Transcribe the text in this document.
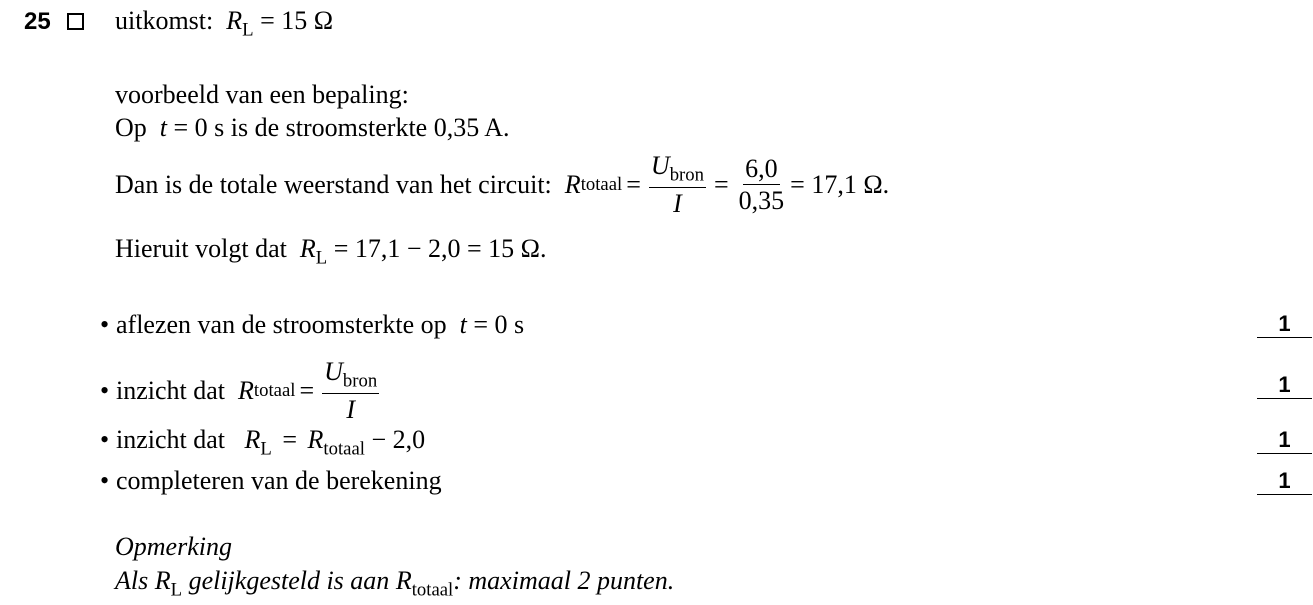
25 uitkomst: $R_L = 15$ Ω
voorbeeld van een bepaling:
Op t = 0 s is de stroomsterkte 0,35 A.
Dan is de totale weerstand van het circuit:
R totaal = $\frac{U_{bron}}{I} = \frac{6,0}{0,35} = 17,1$ Ω.
Hieruit volgt dat $R_L = 17,1 - 2,0 = 15$ Ω.
• aflezen van de stroomsterkte op t = 0 s	1
• inzicht dat
R totaal = $\frac{U_{bron}}{I}$	1
• inzicht dat $R_L = R_{totaal} - 2,0$	1
• completeren van de berekening	1
Opmerking
Als $R_L$ gelijkgesteld is aan $R_{totaal}$: maximaal 2 punten.
